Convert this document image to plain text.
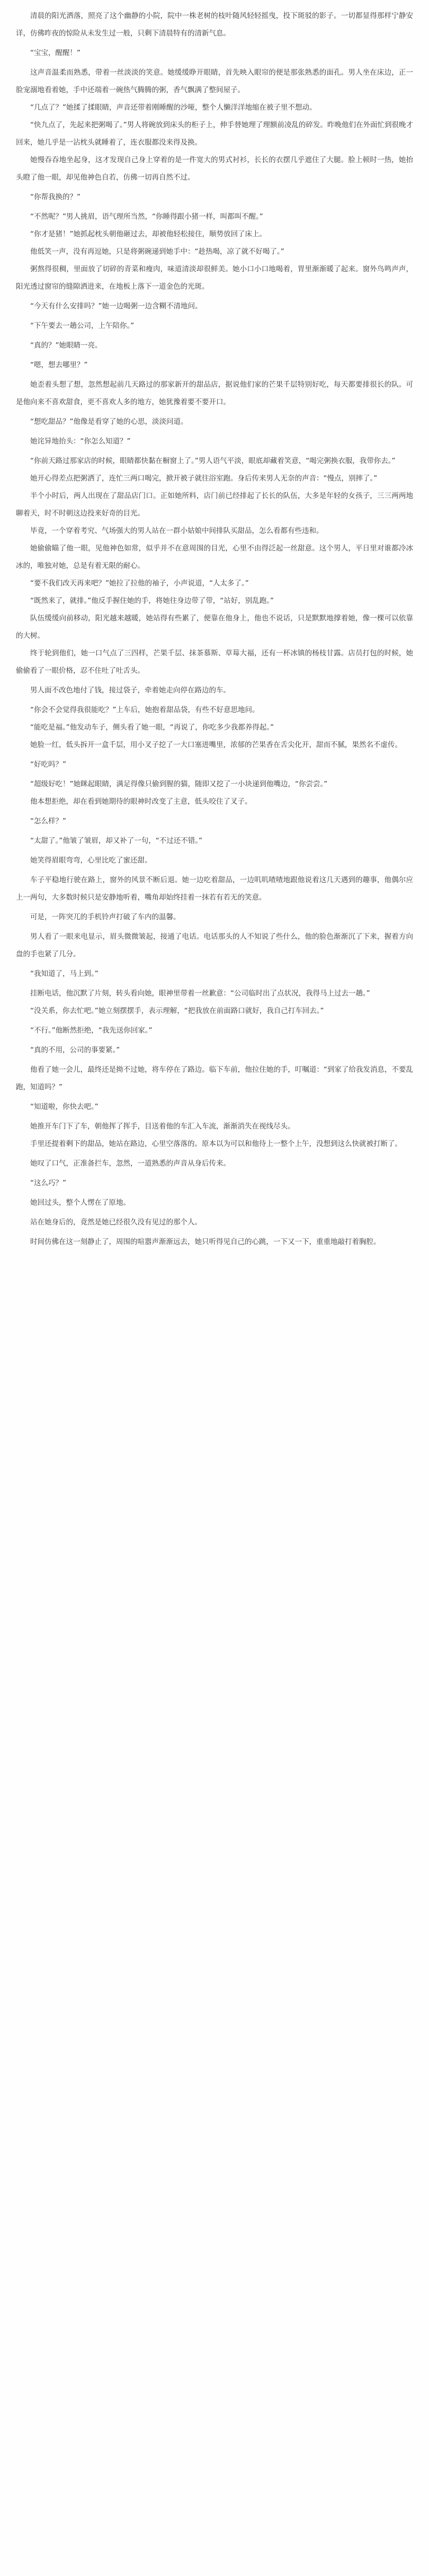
清晨的阳光洒落，照亮了这个幽静的小院，院中一株老树的枝叶随风轻轻摇曳，投下斑驳的影子。一切都显得那样宁静安详，仿佛昨夜的惊险从未发生过一般，只剩下清晨特有的清新气息。

“宝宝，醒醒！”

这声音温柔而熟悉，带着一丝淡淡的笑意。她缓缓睁开眼睛，首先映入眼帘的便是那张熟悉的面孔。男人坐在床边，正一脸宠溺地看着她，手中还端着一碗热气腾腾的粥，香气飘满了整间屋子。

“几点了？”她揉了揉眼睛，声音还带着刚睡醒的沙哑，整个人懒洋洋地缩在被子里不想动。

“快九点了，先起来把粥喝了。”男人将碗放到床头的柜子上，伸手替她理了理额前凌乱的碎发。昨晚他们在外面忙到很晚才回来，她几乎是一沾枕头就睡着了，连衣服都没来得及换。

她慢吞吞地坐起身，这才发现自己身上穿着的是一件宽大的男式衬衫，长长的衣摆几乎遮住了大腿。脸上顿时一热，她抬头瞪了他一眼，却见他神色自若，仿佛一切再自然不过。

“你帮我换的？”

“不然呢？”男人挑眉，语气理所当然，“你睡得跟小猪一样，叫都叫不醒。”

“你才是猪！”她抓起枕头朝他砸过去，却被他轻松接住，顺势放回了床上。

他低笑一声，没有再逗她，只是将粥碗递到她手中：“趁热喝，凉了就不好喝了。”

粥熬得很稠，里面放了切碎的青菜和瘦肉，味道清淡却很鲜美。她小口小口地喝着，胃里渐渐暖了起来。窗外鸟鸣声声，阳光透过窗帘的缝隙洒进来，在地板上落下一道金色的光斑。

“今天有什么安排吗？”她一边喝粥一边含糊不清地问。

“下午要去一趟公司，上午陪你。”

“真的？”她眼睛一亮。

“嗯，想去哪里？”

她歪着头想了想，忽然想起前几天路过的那家新开的甜品店，据说他们家的芒果千层特别好吃，每天都要排很长的队。可是他向来不喜欢甜食，更不喜欢人多的地方，她犹豫着要不要开口。

“想吃甜品？”他像是看穿了她的心思，淡淡问道。

她诧异地抬头：“你怎么知道？”

“你前天路过那家店的时候，眼睛都快黏在橱窗上了。”男人语气平淡，眼底却藏着笑意，“喝完粥换衣服，我带你去。”

她开心得差点把粥洒了，连忙三两口喝完，掀开被子就往浴室跑。身后传来男人无奈的声音：“慢点，别摔了。”

半个小时后，两人出现在了甜品店门口。正如她所料，店门前已经排起了长长的队伍，大多是年轻的女孩子，三三两两地聊着天，时不时朝这边投来好奇的目光。

毕竟，一个穿着考究、气场强大的男人站在一群小姑娘中间排队买甜品，怎么看都有些违和。

她偷偷瞄了他一眼，见他神色如常，似乎并不在意周围的目光，心里不由得泛起一丝甜意。这个男人，平日里对谁都冷冰冰的，唯独对她，总是有着无限的耐心。

“要不我们改天再来吧？”她拉了拉他的袖子，小声说道，“人太多了。”

“既然来了，就排。”他反手握住她的手，将她往身边带了带，“站好，别乱跑。”

队伍缓缓向前移动，阳光越来越暖，她站得有些累了，便靠在他身上，他也不说话，只是默默地撑着她，像一棵可以依靠的大树。

终于轮到他们，她一口气点了三四样，芒果千层、抹茶慕斯、草莓大福，还有一杯冰镇的杨枝甘露。店员打包的时候，她偷偷看了一眼价格，忍不住吐了吐舌头。

男人面不改色地付了钱，接过袋子，牵着她走向停在路边的车。

“你会不会觉得我很能吃？”上车后，她抱着甜品袋，有些不好意思地问。

“能吃是福。”他发动车子，侧头看了她一眼，“再说了，你吃多少我都养得起。”

她脸一红，低头拆开一盒千层，用小叉子挖了一大口塞进嘴里，浓郁的芒果香在舌尖化开，甜而不腻，果然名不虚传。

“好吃吗？”

“超级好吃！”她眯起眼睛，满足得像只偷到腥的猫，随即又挖了一小块递到他嘴边，“你尝尝。”

他本想拒绝，却在看到她期待的眼神时改变了主意，低头咬住了叉子。

“怎么样？”

“太甜了。”他皱了皱眉，却又补了一句，“不过还不错。”

她笑得眉眼弯弯，心里比吃了蜜还甜。

车子平稳地行驶在路上，窗外的风景不断后退。她一边吃着甜品，一边叽叽喳喳地跟他说着这几天遇到的趣事，他偶尔应上一两句，大多数时候只是安静地听着，嘴角却始终挂着一抹若有若无的笑意。

可是，一阵突兀的手机铃声打破了车内的温馨。

男人看了一眼来电显示，眉头微微皱起，接通了电话。电话那头的人不知说了些什么，他的脸色渐渐沉了下来，握着方向盘的手也紧了几分。

“我知道了，马上到。”

挂断电话，他沉默了片刻，转头看向她，眼神里带着一丝歉意：“公司临时出了点状况，我得马上过去一趟。”

“没关系，你去忙吧。”她立刻摆摆手，表示理解，“把我放在前面路口就好，我自己打车回去。”

“不行。”他断然拒绝，“我先送你回家。”

“真的不用，公司的事要紧。”

他看了她一会儿，最终还是拗不过她，将车停在了路边。临下车前，他拉住她的手，叮嘱道：“到家了给我发消息，不要乱跑，知道吗？”

“知道啦，你快去吧。”

她推开车门下了车，朝他挥了挥手，目送着他的车汇入车流，渐渐消失在视线尽头。

手里还提着剩下的甜品，她站在路边，心里空落落的。原本以为可以和他待上一整个上午，没想到这么快就被打断了。

她叹了口气，正准备拦车，忽然，一道熟悉的声音从身后传来。

“这么巧？”

她回过头，整个人愣在了原地。

站在她身后的，竟然是她已经很久没有见过的那个人。

时间仿佛在这一刻静止了，周围的喧嚣声渐渐远去，她只听得见自己的心跳，一下又一下，重重地敲打着胸腔。
